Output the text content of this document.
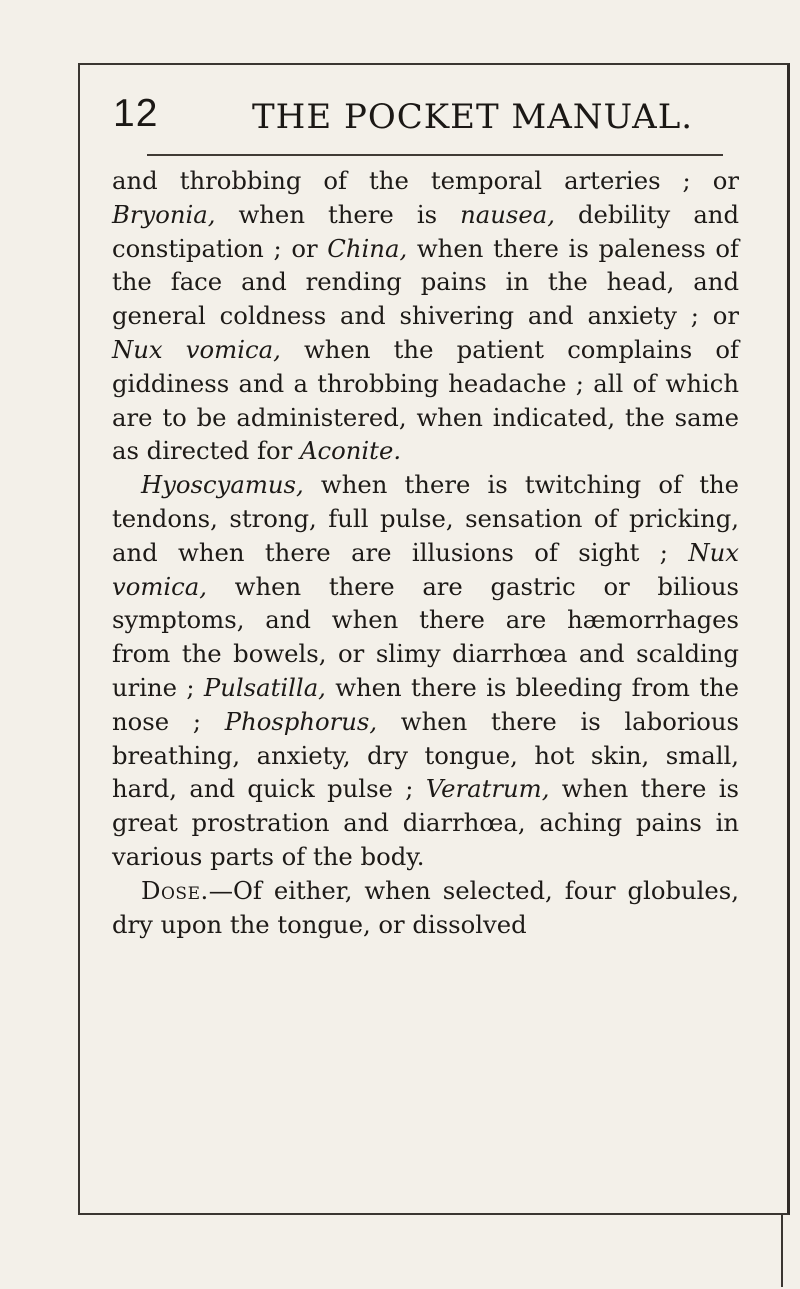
12	THE POCKET MANUAL.

and throbbing of the temporal arteries ; or Bryonia, when there is nausea, debility and constipation ; or China, when there is paleness of the face and rending pains in the head, and general coldness and shivering and anxiety ; or Nux vomica, when the patient complains of giddiness and a throbbing headache ; all of which are to be administered, when indicated, the same as directed for Aconite.

Hyoscyamus, when there is twitching of the tendons, strong, full pulse, sensation of pricking, and when there are illusions of sight ; Nux vomica, when there are gastric or bilious symptoms, and when there are hæmorrhages from the bowels, or slimy diarrhœa and scalding urine ; Pulsatilla, when there is bleeding from the nose ; Phosphorus, when there is laborious breathing, anxiety, dry tongue, hot skin, small, hard, and quick pulse ; Veratrum, when there is great prostration and diarrhœa, aching pains in various parts of the body.

Dose.—Of either, when selected, four globules, dry upon the tongue, or dissolved
